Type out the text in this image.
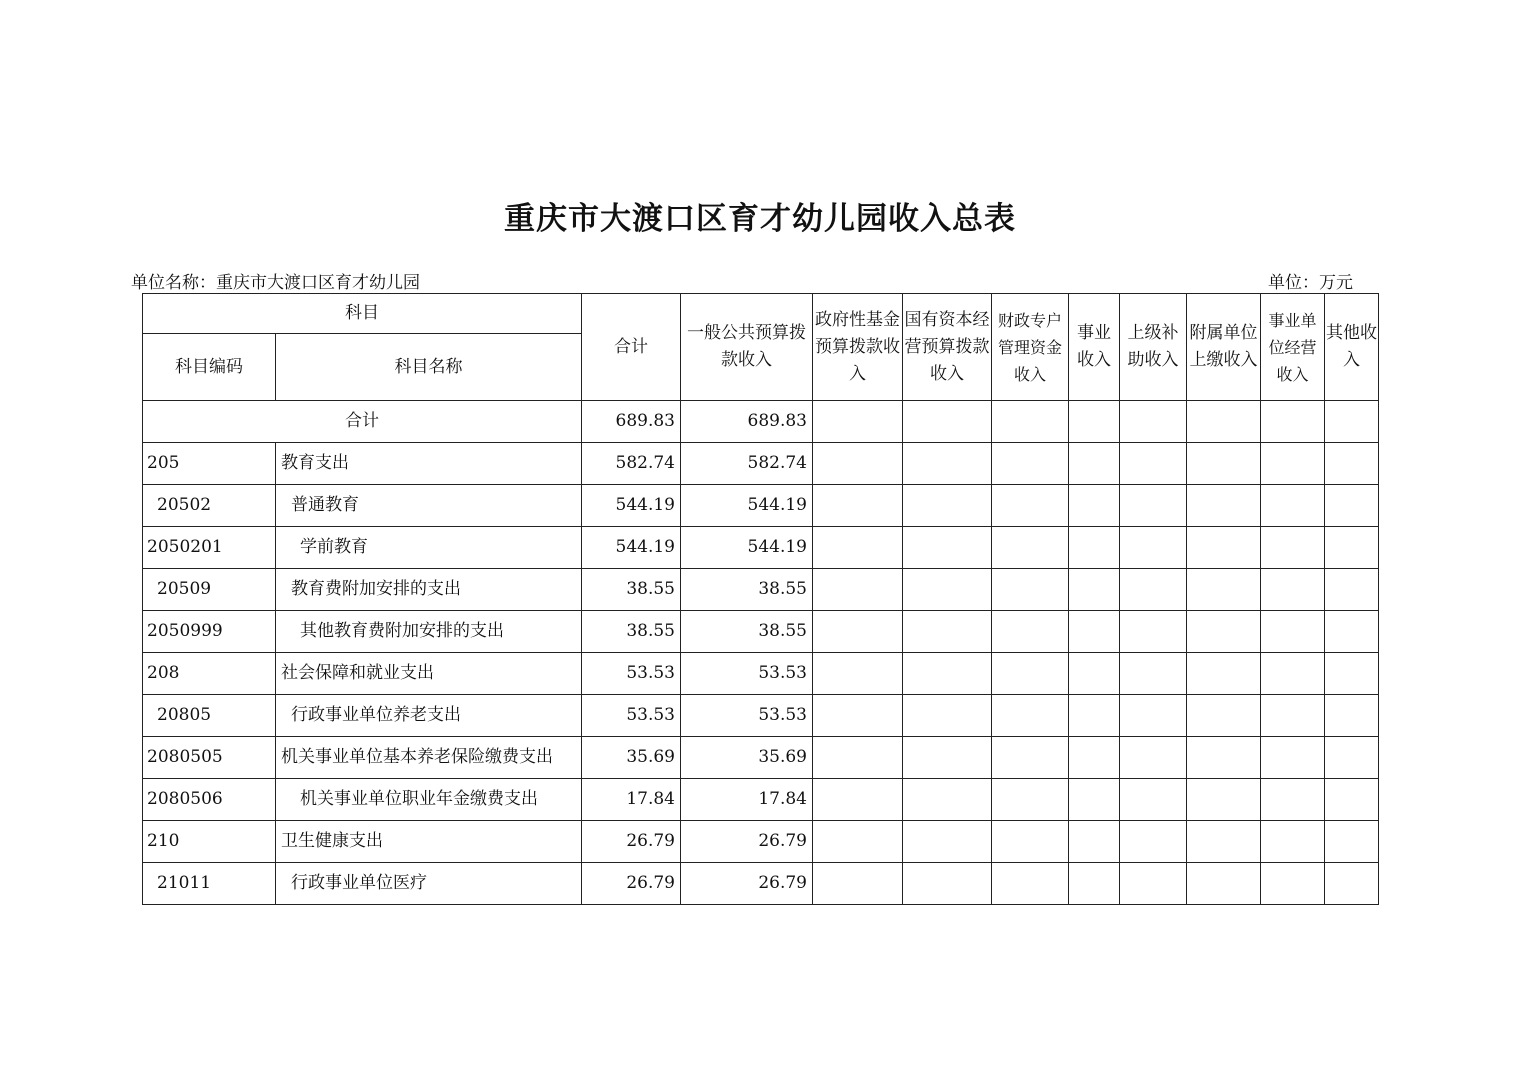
重庆市大渡口区育才幼儿园收入总表
单位名称：重庆市大渡口区育才幼儿园	单位：万元
科目		合计	一般公共预算拨款收入	政府性基金预算拨款收入	国有资本经营预算拨款收入	财政专户管理资金收入	事业收入	上级补助收入	附属单位上缴收入	事业单位经营收入	其他收入
科目编码	科目名称										
合计		689.83	689.83								
205	教育支出	582.74	582.74								
20502	普通教育	544.19	544.19								
2050201	学前教育	544.19	544.19								
20509	教育费附加安排的支出	38.55	38.55								
2050999	其他教育费附加安排的支出	38.55	38.55								
208	社会保障和就业支出	53.53	53.53								
20805	行政事业单位养老支出	53.53	53.53								
2080505	机关事业单位基本养老保险缴费支出	35.69	35.69								
2080506	机关事业单位职业年金缴费支出	17.84	17.84								
210	卫生健康支出	26.79	26.79								
21011	行政事业单位医疗	26.79	26.79								
